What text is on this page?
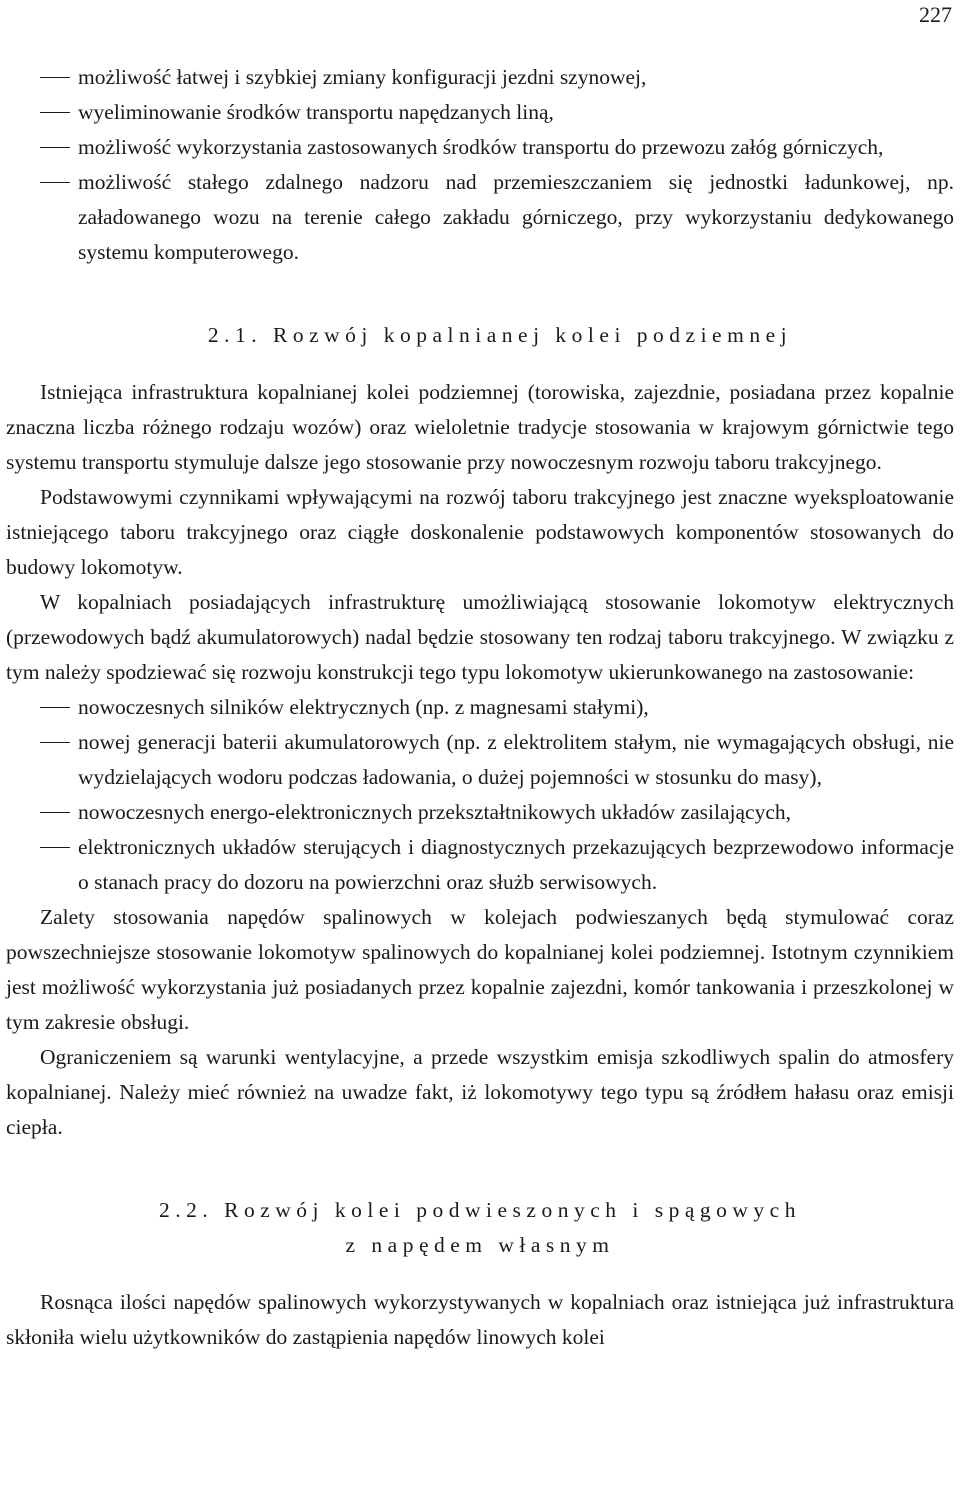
227
możliwość łatwej i szybkiej zmiany konfiguracji jezdni szynowej,
wyeliminowanie środków transportu napędzanych liną,
możliwość wykorzystania zastosowanych środków transportu do przewozu załóg górniczych,
możliwość stałego zdalnego nadzoru nad przemieszczaniem się jednostki ładunkowej, np. załadowanego wozu na terenie całego zakładu górniczego, przy wykorzystaniu dedykowanego systemu komputerowego.
2.1. Rozwój kopalnianej kolei podziemnej

Istniejąca infrastruktura kopalnianej kolei podziemnej (torowiska, zajezdnie, posiadana przez kopalnie znaczna liczba różnego rodzaju wozów) oraz wieloletnie tradycje stosowania w krajowym górnictwie tego systemu transportu stymuluje dalsze jego stosowanie przy nowoczesnym rozwoju taboru trakcyjnego.

Podstawowymi czynnikami wpływającymi na rozwój taboru trakcyjnego jest znaczne wyeksploatowanie istniejącego taboru trakcyjnego oraz ciągłe doskonalenie podstawowych komponentów stosowanych do budowy lokomotyw.

W kopalniach posiadających infrastrukturę umożliwiającą stosowanie lokomotyw elektrycznych (przewodowych bądź akumulatorowych) nadal będzie stosowany ten rodzaj taboru trakcyjnego. W związku z tym należy spodziewać się rozwoju konstrukcji tego typu lokomotyw ukierunkowanego na zastosowanie:

nowoczesnych silników elektrycznych (np. z magnesami stałymi),
nowej generacji baterii akumulatorowych (np. z elektrolitem stałym, nie wymagających obsługi, nie wydzielających wodoru podczas ładowania, o dużej pojemności w stosunku do masy),
nowoczesnych energo-elektronicznych przekształtnikowych układów zasilających,
elektronicznych układów sterujących i diagnostycznych przekazujących bezprzewodowo informacje o stanach pracy do dozoru na powierzchni oraz służb serwisowych.

Zalety stosowania napędów spalinowych w kolejach podwieszanych będą stymulować coraz powszechniejsze stosowanie lokomotyw spalinowych do kopalnianej kolei podziemnej. Istotnym czynnikiem jest możliwość wykorzystania już posiadanych przez kopalnie zajezdni, komór tankowania i przeszkolonej w tym zakresie obsługi.

Ograniczeniem są warunki wentylacyjne, a przede wszystkim emisja szkodliwych spalin do atmosfery kopalnianej. Należy mieć również na uwadze fakt, iż lokomotywy tego typu są źródłem hałasu oraz emisji ciepła.

2.2. Rozwój kolei podwieszonych i spągowych
z napędem własnym

Rosnąca ilości napędów spalinowych wykorzystywanych w kopalniach oraz istniejąca już infrastruktura skłoniła wielu użytkowników do zastąpienia napędów linowych kolei
